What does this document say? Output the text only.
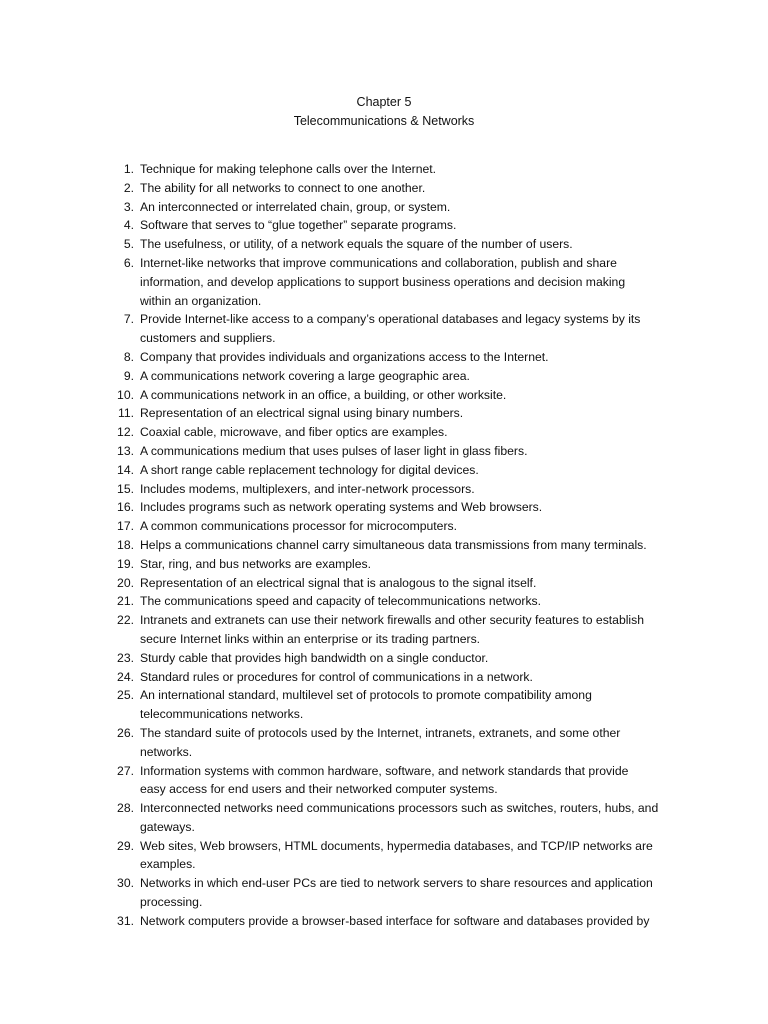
Chapter 5
Telecommunications & Networks
1. Technique for making telephone calls over the Internet.
2. The ability for all networks to connect to one another.
3. An interconnected or interrelated chain, group, or system.
4. Software that serves to “glue together” separate programs.
5. The usefulness, or utility, of a network equals the square of the number of users.
6. Internet-like networks that improve communications and collaboration, publish and share
information, and develop applications to support business operations and decision making
within an organization.
7. Provide Internet-like access to a company’s operational databases and legacy systems by its
customers and suppliers.
8. Company that provides individuals and organizations access to the Internet.
9. A communications network covering a large geographic area.
10. A communications network in an office, a building, or other worksite.
11. Representation of an electrical signal using binary numbers.
12. Coaxial cable, microwave, and fiber optics are examples.
13. A communications medium that uses pulses of laser light in glass fibers.
14. A short range cable replacement technology for digital devices.
15. Includes modems, multiplexers, and inter-network processors.
16. Includes programs such as network operating systems and Web browsers.
17. A common communications processor for microcomputers.
18. Helps a communications channel carry simultaneous data transmissions from many terminals.
19. Star, ring, and bus networks are examples.
20. Representation of an electrical signal that is analogous to the signal itself.
21. The communications speed and capacity of telecommunications networks.
22. Intranets and extranets can use their network firewalls and other security features to establish
secure Internet links within an enterprise or its trading partners.
23. Sturdy cable that provides high bandwidth on a single conductor.
24. Standard rules or procedures for control of communications in a network.
25. An international standard, multilevel set of protocols to promote compatibility among
telecommunications networks.
26. The standard suite of protocols used by the Internet, intranets, extranets, and some other
networks.
27. Information systems with common hardware, software, and network standards that provide
easy access for end users and their networked computer systems.
28. Interconnected networks need communications processors such as switches, routers, hubs, and
gateways.
29. Web sites, Web browsers, HTML documents, hypermedia databases, and TCP/IP networks are
examples.
30. Networks in which end-user PCs are tied to network servers to share resources and application
processing.
31. Network computers provide a browser-based interface for software and databases provided by
